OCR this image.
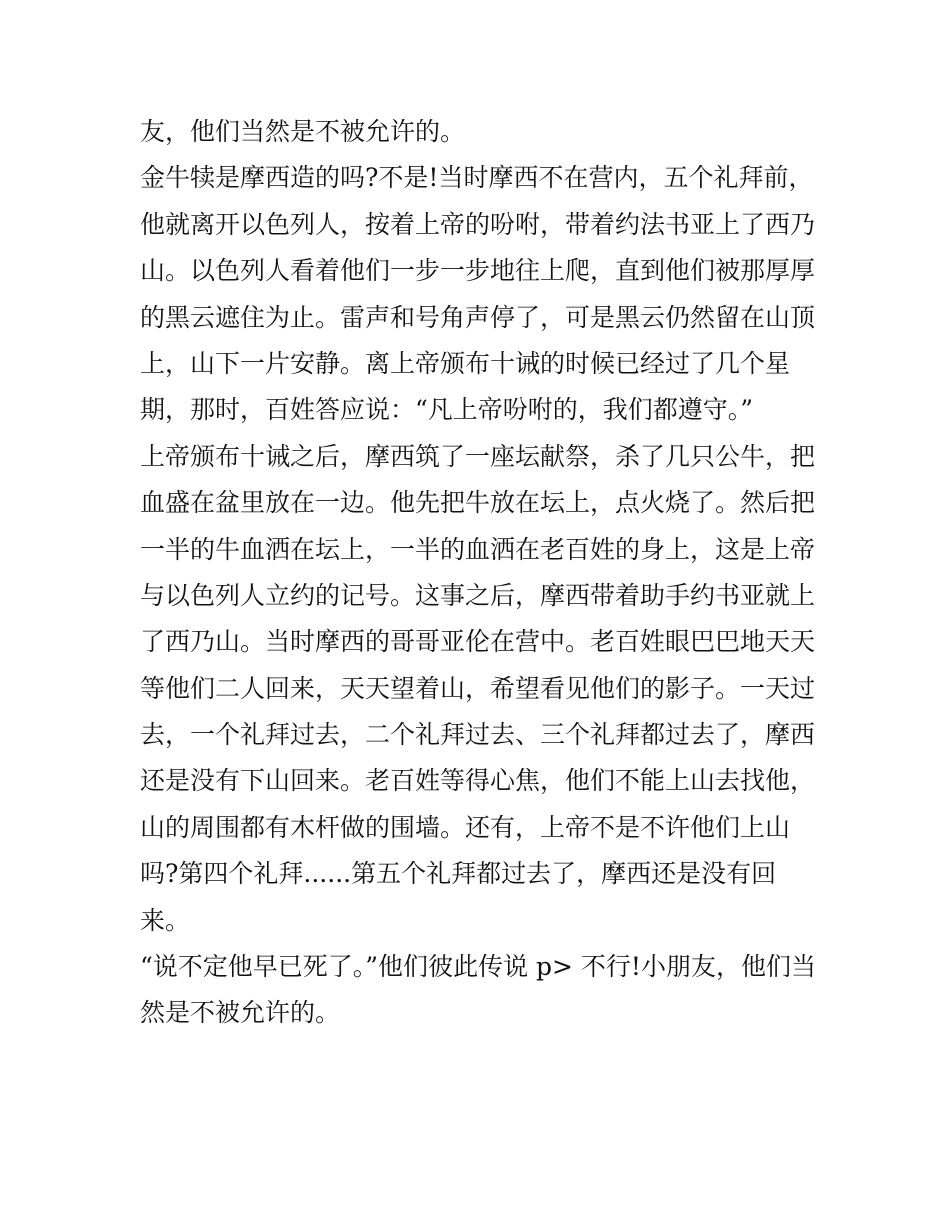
友，他们当然是不被允许的。
金牛犊是摩西造的吗?不是!当时摩西不在营内，五个礼拜前，
他就离开以色列人，按着上帝的吩咐，带着约法书亚上了西乃
山。以色列人看着他们一步一步地往上爬，直到他们被那厚厚
的黑云遮住为止。雷声和号角声停了，可是黑云仍然留在山顶
上，山下一片安静。离上帝颁布十诫的时候已经过了几个星
期，那时，百姓答应说：“凡上帝吩咐的，我们都遵守。”
上帝颁布十诫之后，摩西筑了一座坛献祭，杀了几只公牛，把
血盛在盆里放在一边。他先把牛放在坛上，点火烧了。然后把
一半的牛血洒在坛上，一半的血洒在老百姓的身上，这是上帝
与以色列人立约的记号。这事之后，摩西带着助手约书亚就上
了西乃山。当时摩西的哥哥亚伦在营中。老百姓眼巴巴地天天
等他们二人回来，天天望着山，希望看见他们的影子。一天过
去，一个礼拜过去，二个礼拜过去、三个礼拜都过去了，摩西
还是没有下山回来。老百姓等得心焦，他们不能上山去找他，
山的周围都有木杆做的围墙。还有，上帝不是不许他们上山
吗?第四个礼拜......第五个礼拜都过去了，摩西还是没有回
来。
“说不定他早已死了。”他们彼此传说 p> 不行!小朋友，他们当
然是不被允许的。
